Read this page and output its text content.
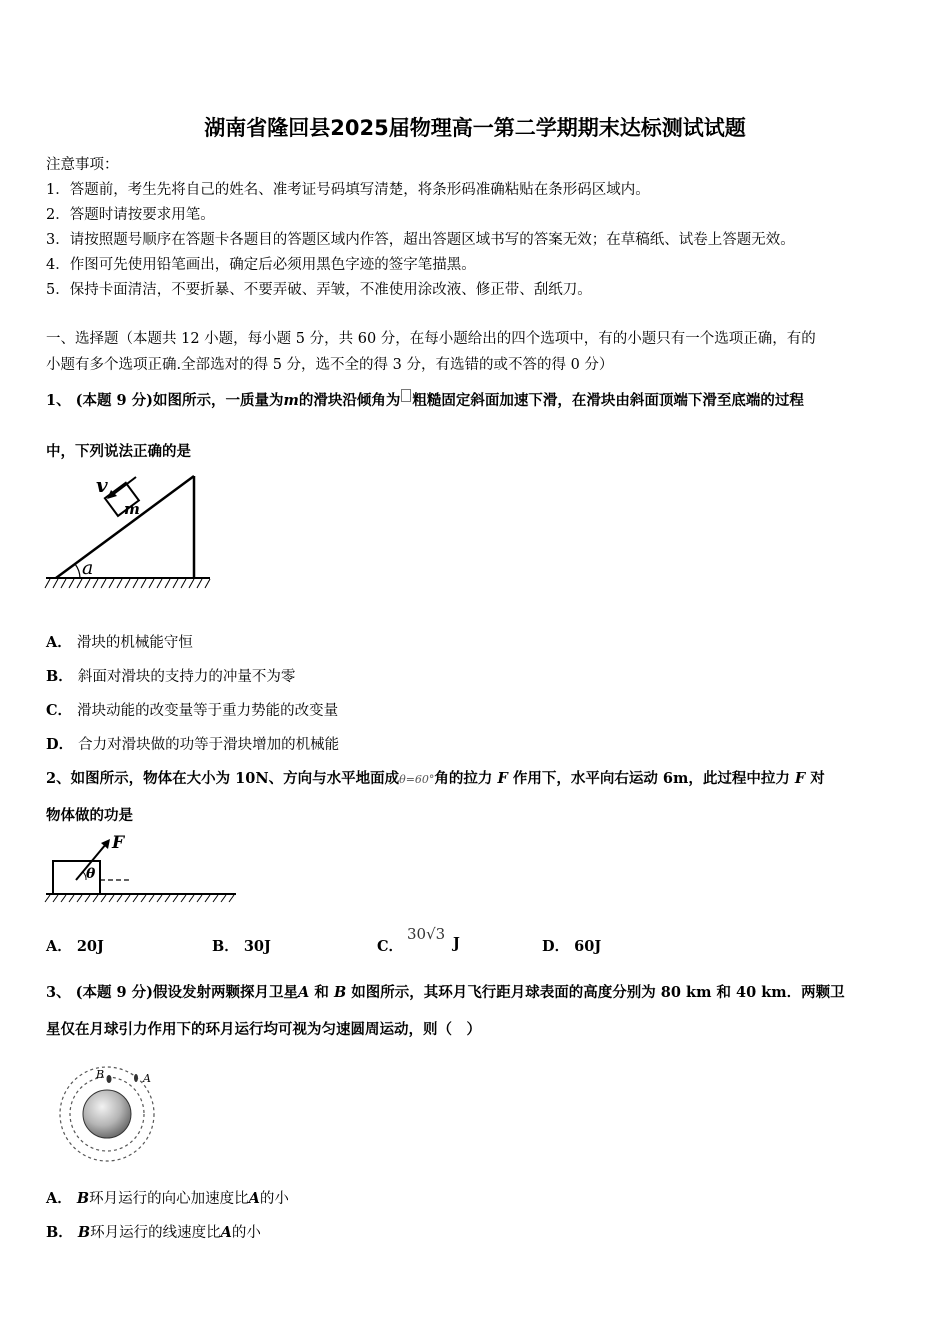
湖南省隆回县2025届物理高一第二学期期末达标测试试题
注意事项：
1．答题前，考生先将自己的姓名、准考证号码填写清楚，将条形码准确粘贴在条形码区域内。
2．答题时请按要求用笔。
3．请按照题号顺序在答题卡各题目的答题区域内作答，超出答题区域书写的答案无效；在草稿纸、试卷上答题无效。
4．作图可先使用铅笔画出，确定后必须用黑色字迹的签字笔描黑。
5．保持卡面清洁，不要折暴、不要弄破、弄皱，不准使用涂改液、修正带、刮纸刀。
一、选择题（本题共 12 小题，每小题 5 分，共 60 分，在每小题给出的四个选项中，有的小题只有一个选项正确，有的
小题有多个选项正确.全部选对的得 5 分，选不全的得 3 分，有选错的或不答的得 0 分）
1、 (本题 9 分)如图所示，一质量为m的滑块沿倾角为 粗糙固定斜面加速下滑，在滑块由斜面顶端下滑至底端的过程
中，下列说法正确的是
a
m
v
A． 滑块的机械能守恒
B． 斜面对滑块的支持力的冲量不为零
C． 滑块动能的改变量等于重力势能的改变量
D． 合力对滑块做的功等于滑块增加的机械能
2、如图所示，物体在大小为 10N、方向与水平地面成θ=60°角的拉力 F 作用下，水平向右运动 6m，此过程中拉力 F 对
物体做的功是
F
θ
A． 20J	B． 30J	C．
30√3
J	D． 60J
3、 (本题 9 分)假设发射两颗探月卫星A 和 B 如图所示，其环月飞行距月球表面的高度分别为 80 km 和 40 km．两颗卫
星仅在月球引力作用下的环月运行均可视为匀速圆周运动，则（　）
B	A
A． B环月运行的向心加速度比A的小
B． B环月运行的线速度比A的小
